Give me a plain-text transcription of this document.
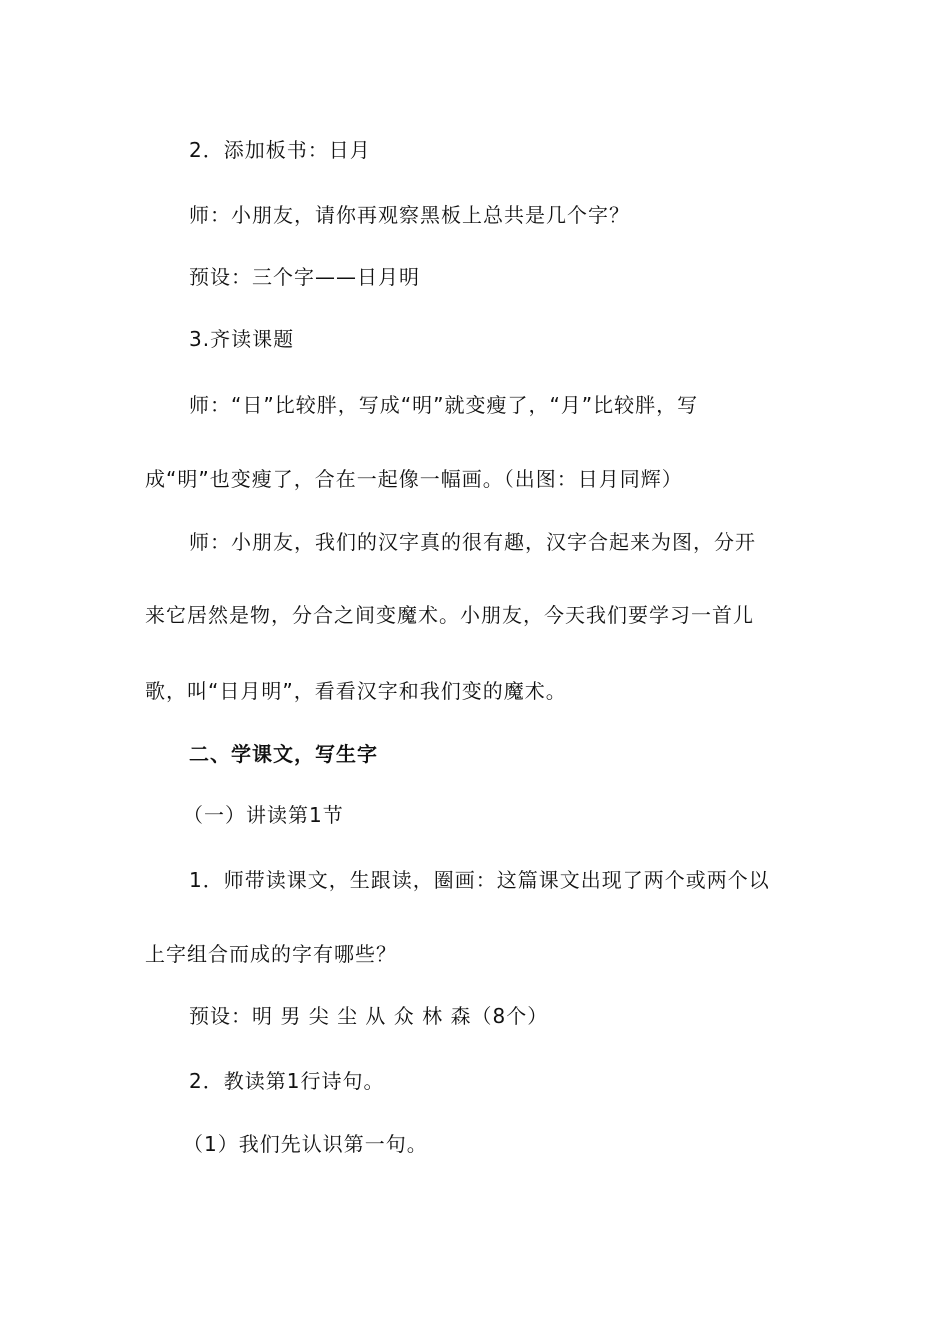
2．添加板书：日月
师：小朋友，请你再观察黑板上总共是几个字？
预设：三个字——日月明
3.齐读课题
师：“日”比较胖，写成“明”就变瘦了，“月”比较胖，写
成“明”也变瘦了，合在一起像一幅画。（出图：日月同辉）
师：小朋友，我们的汉字真的很有趣，汉字合起来为图，分开
来它居然是物，分合之间变魔术。小朋友，今天我们要学习一首儿
歌，叫“日月明”，看看汉字和我们变的魔术。
二、学课文，写生字
（一）讲读第1节
1．师带读课文，生跟读，圈画：这篇课文出现了两个或两个以
上字组合而成的字有哪些？
预设：明 男 尖 尘 从 众 林 森（8个）
2．教读第1行诗句。
（1）我们先认识第一句。
